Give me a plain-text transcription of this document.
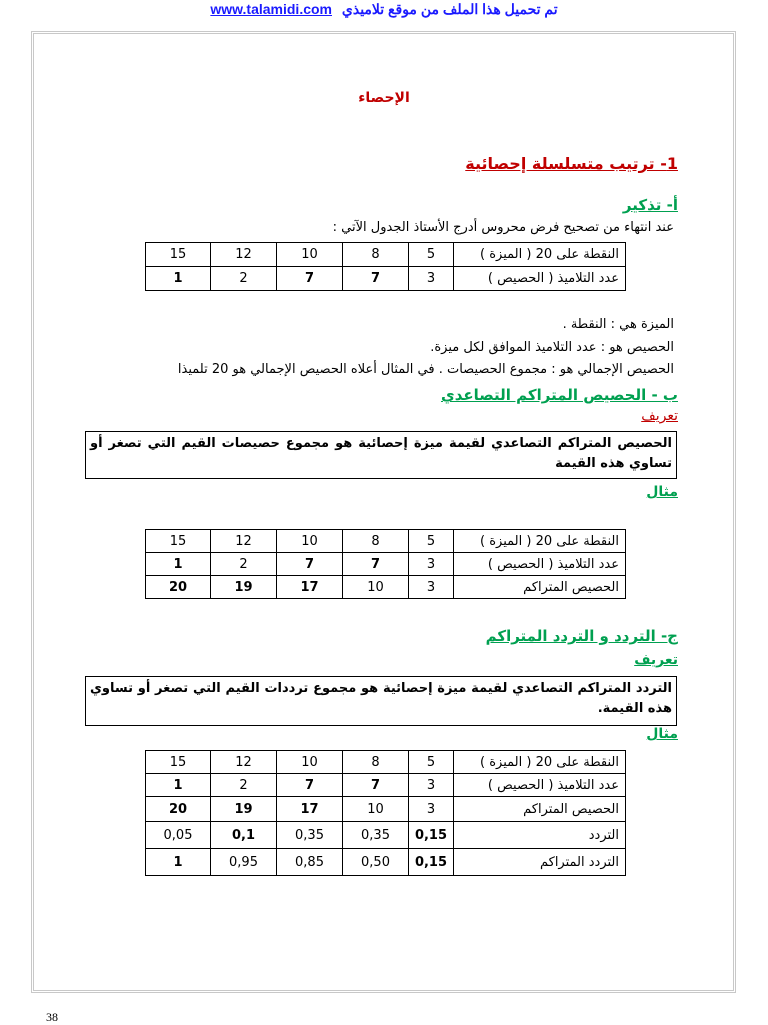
www.talamidi.com تم تحميل هذا الملف من موقع تلاميذي
الإحصاء
1- ترتيب متسلسلة إحصائية
أ- تذكير
عند انتهاء من تصحيح فرض محروس أدرج الأستاذ الجدول الآتي :
النقطة على 20 ( الميزة )	5	8	10	12	15
عدد التلاميذ ( الحصيص )	3	7	7	2	1
الميزة هي : النقطة .
الحصيص هو : عدد التلاميذ الموافق لكل ميزة.
الحصيص الإجمالي هو : مجموع الحصيصات . في المثال أعلاه الحصيص الإجمالي هو 20 تلميذا
ب - الحصيص المتراكم التصاعدي
تعريف
الحصيص المتراكم التصاعدي لقيمة ميزة إحصائية هو مجموع حصيصات القيم التي تصغر أو تساوي هذه القيمة
مثال
النقطة على 20 ( الميزة )	5	8	10	12	15
عدد التلاميذ ( الحصيص )	3	7	7	2	1
الحصيص المتراكم	3	10	17	19	20
ج- التردد و التردد المتراكم
تعريف
التردد المتراكم التصاعدي لقيمة ميزة إحصائية هو مجموع ترددات القيم التي تصغر أو تساوي هذه القيمة.
مثال
النقطة على 20 ( الميزة )	5	8	10	12	15
عدد التلاميذ ( الحصيص )	3	7	7	2	1
الحصيص المتراكم	3	10	17	19	20
التردد	0,15	0,35	0,35	0,1	0,05
التردد المتراكم	0,15	0,50	0,85	0,95	1
38
